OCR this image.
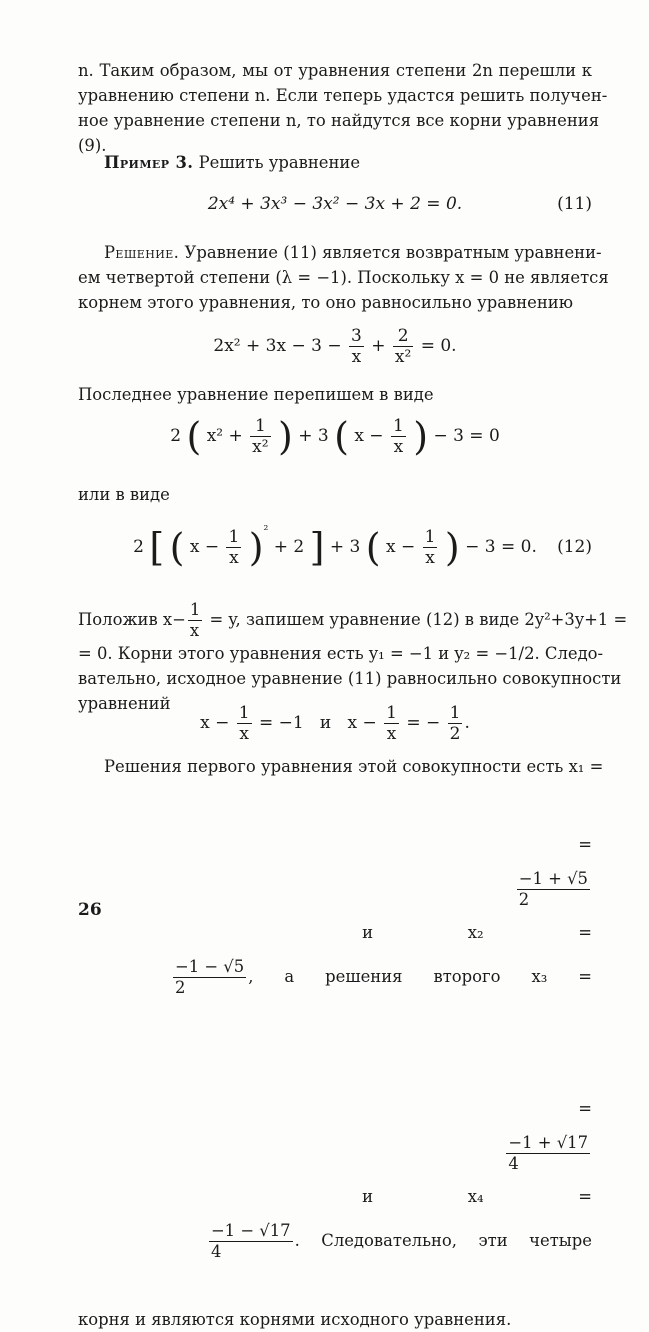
n. Таким образом, мы от уравнения степени 2n перешли к
уравнению степени n. Если теперь удастся решить получен-
ное уравнение степени n, то найдутся все корни уравнения
(9).
Пример 3. Решить уравнение
2x⁴ + 3x³ − 3x² − 3x + 2 = 0.	(11)
Решение. Уравнение (11) является возвратным уравнени-
ем четвертой степени (λ = −1). Поскольку x = 0 не является
корнем этого уравнения, то оно равносильно уравнению
$2x^2 + 3x - 3 - \frac{3}{x} + \frac{2}{\text{x²}} = 0$.
Последнее уравнение перепишем в виде
2 ( $x^2 + \frac{1}{\text{x²}}$ ) + 3 ( $x - \frac{1}{x}$ ) − 3 = 0
или в виде
2 [ ( $x - \frac{1}{x} )^{^2} + 2$ ] + 3 ( $x - \frac{1}{x}$ ) − 3 = 0. (12)
Положив $x- \frac{1}{x} = y$, запишем уравнение (12) в виде 2y²+3y+1 =
= 0. Корни этого уравнения есть y₁ = −1 и y₂ = −1/2. Следо-
вательно, исходное уравнение (11) равносильно совокупности
уравнений
$x - \frac{1}{x} = -1$   и   $x - \frac{1}{x}$ = − $\frac{1}{2}$ .
Решения первого уравнения этой совокупности есть x₁ =

=

$\frac{-1 + √5}{2}$

и  x₂  =

$\frac{-1 - √5}{2}$ ,  а  решения  второго  x₃  =

=

$\frac{-1 + √17}{4}$

и  x₄  =

$\frac{-1 - √17}{4}$ . Следовательно, эти четыре

корня и являются корнями исходного уравнения.
26
